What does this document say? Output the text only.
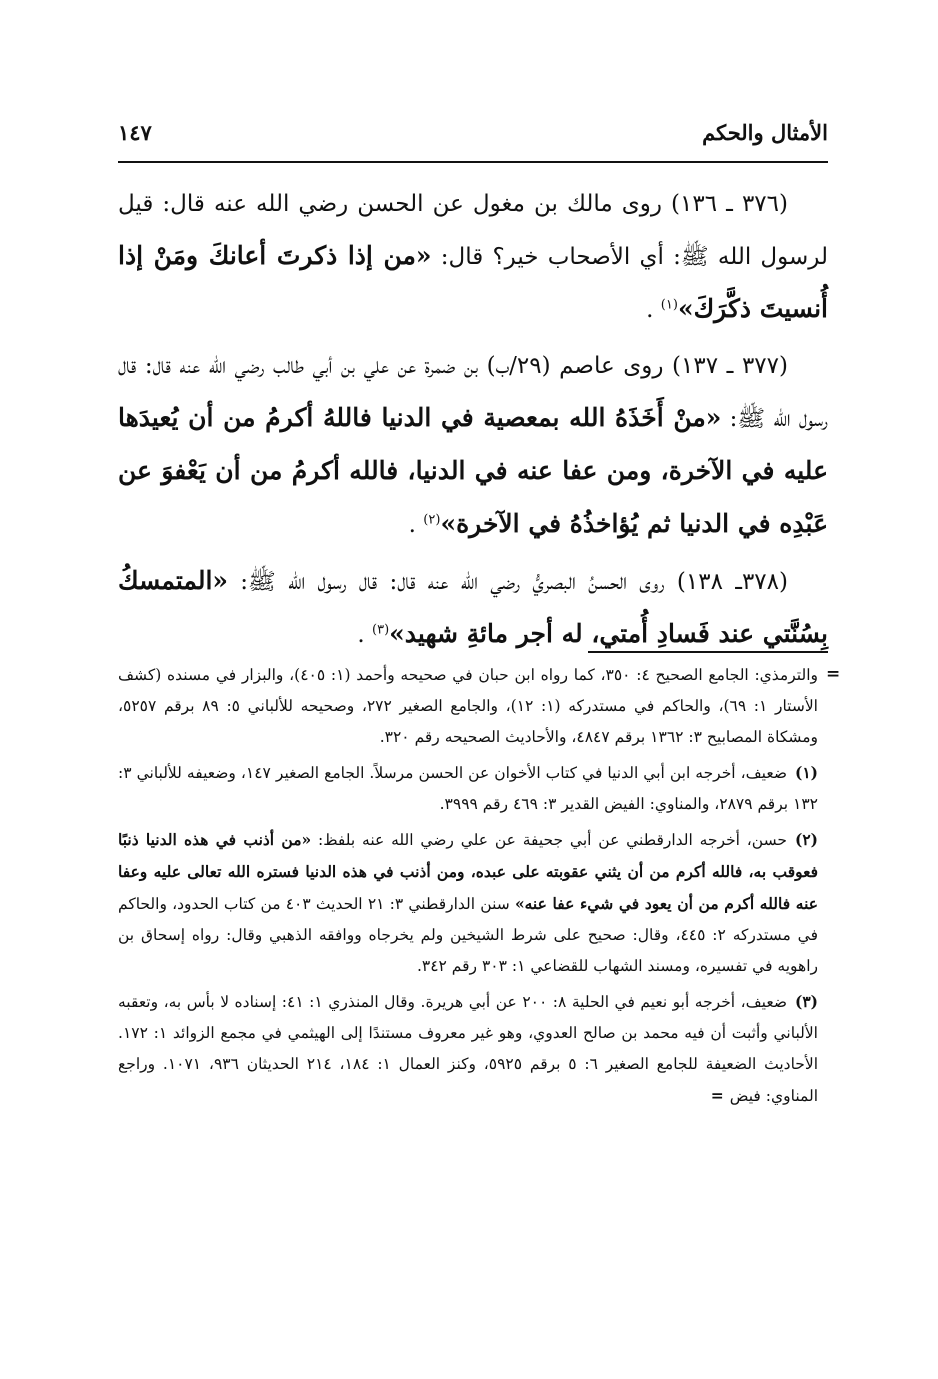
الأمثال والحكم
١٤٧

(٣٧٦ ـ ١٣٦) روى مالك بن مغول عن الحسن رضي الله عنه قال: قيل لرسول الله ﷺ: أي الأصحاب خير؟ قال: «من إذا ذكرتَ أعانكَ ومَنْ إذا أُنسيتَ ذكَّرَكَ»$^{(١)}$ .

(٣٧٧ ـ ١٣٧) روى عاصم (٢٩/ب) بن ضمرة عن علي بن أبي طالب رضي الله عنه قال: قال رسول الله ﷺ: «منْ أَخَذَهُ الله بمعصية في الدنيا فاللهُ أكرمُ من أن يُعيدَها عليه في الآخرة، ومن عفا عنه في الدنيا، فالله أكرمُ من أن يَعْفوَ عن عَبْدِه في الدنيا ثم يُؤاخذُهُ في الآخرة»$^{(٢)}$ .

(٣٧٨ـ ١٣٨) روى الحسنُ البصريُّ رضي الله عنه قال: قال رسول الله ﷺ: «المتمسكُ بِسُنَّتي عند فَسادِ أُمتي، له أجر مائةِ شهيد»$^{(٣)}$ .

=

والترمذي: الجامع الصحيح ٤: ٣٥٠، كما رواه ابن حبان في صحيحه وأحمد (١: ٤٠٥)، والبزار في مسنده (كشف الأستار ١: ٦٩)، والحاكم في مستدركه (١: ١٢)، والجامع الصغير ٢٧٢، وصحيحه للألباني ٥: ٨٩ برقم ٥٢٥٧، ومشكاة المصابيح ٣: ١٣٦٢ برقم ٤٨٤٧، والأحاديث الصحيحه رقم ٣٢٠.

(١)ضعيف، أخرجه ابن أبي الدنيا في كتاب الأخوان عن الحسن مرسلاً. الجامع الصغير ١٤٧، وضعيفه للألباني ٣: ١٣٢ برقم ٢٨٧٩، والمناوي: الفيض القدير ٣: ٤٦٩ رقم ٣٩٩٩.

(٢)حسن، أخرجه الدارقطني عن أبي جحيفة عن علي رضي الله عنه بلفظ: «من أذنب في هذه الدنيا ذنبًا فعوقب به، فالله أكرم من أن يثني عقوبته على عبده، ومن أذنب في هذه الدنيا فستره الله تعالى عليه وعفا عنه فالله أكرم من أن يعود في شيء عفا عنه» سنن الدارقطني ٣: ٢١ الحديث ٤٠٣ من كتاب الحدود، والحاكم في مستدركه ٢: ٤٤٥، وقال: صحيح على شرط الشيخين ولم يخرجاه ووافقه الذهبي وقال: رواه إسحاق بن راهويه في تفسيره، ومسند الشهاب للقضاعي ١: ٣٠٣ رقم ٣٤٢.

(٣)ضعيف، أخرجه أبو نعيم في الحلية ٨: ٢٠٠ عن أبي هريرة. وقال المنذري ١: ٤١: إسناده لا بأس به، وتعقبه الألباني وأثبت أن فيه محمد بن صالح العدوي، وهو غير معروف مستندًا إلى الهيثمي في مجمع الزوائد ١: ١٧٢. الأحاديث الضعيفة للجامع الصغير ٦: ٥ برقم ٥٩٢٥، وكنز العمال ١: ١٨٤، ٢١٤ الحديثان ٩٣٦، ١٠٧١. وراجع المناوي: فيض=
